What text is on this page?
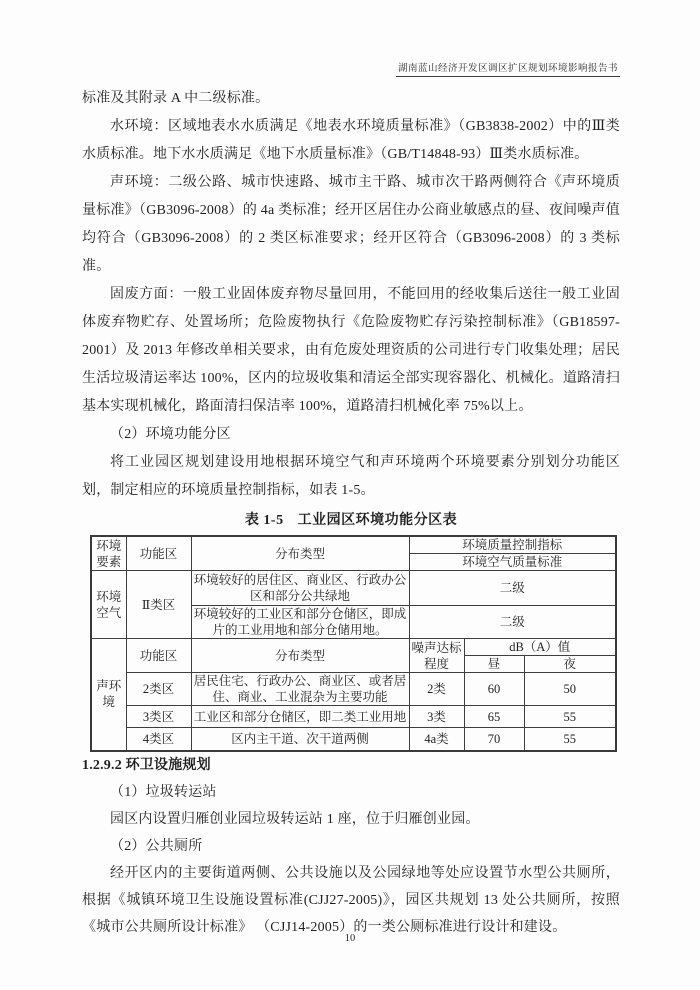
湖南蓝山经济开发区调区扩区规划环境影响报告书

标准及其附录 A 中二级标准。

水环境：区域地表水水质满足《地表水环境质量标准》（GB3838-2002）中的Ⅲ类水质标准。地下水水质满足《地下水质量标准》（GB/T14848-93）Ⅲ类水质标准。

声环境：二级公路、城市快速路、城市主干路、城市次干路两侧符合《声环境质量标准》（GB3096-2008）的 4a 类标准；经开区居住办公商业敏感点的昼、夜间噪声值均符合（GB3096-2008）的 2 类区标准要求；经开区符合（GB3096-2008）的 3 类标准。

固废方面：一般工业固体废弃物尽量回用，不能回用的经收集后送往一般工业固体废弃物贮存、处置场所；危险废物执行《危险废物贮存污染控制标准》（GB18597-2001）及 2013 年修改单相关要求，由有危废处理资质的公司进行专门收集处理；居民生活垃圾清运率达 100%，区内的垃圾收集和清运全部实现容器化、机械化。道路清扫基本实现机械化，路面清扫保洁率 100%，道路清扫机械化率 75%以上。

（2）环境功能分区

将工业园区规划建设用地根据环境空气和声环境两个环境要素分别划分功能区划，制定相应的环境质量控制指标，如表 1-5。

表 1-5 工业园区环境功能分区表
环境要素	功能区	分布类型	环境质量控制指标		
			环境空气质量标准		
环境空气	Ⅱ类区	环境较好的居住区、商业区、行政办公区和部分公共绿地	二级		
		环境较好的工业区和部分仓储区，即成片的工业用地和部分仓储用地。	二级		
声环境	功能区	分布类型	噪声达标程度	dB（A）值	
				昼	夜
	2类区	居民住宅、行政办公、商业区、或者居住、商业、工业混杂为主要功能	2类	60	50
	3类区	工业区和部分仓储区，即二类工业用地	3类	65	55
	4类区	区内主干道、次干道两侧	4a类	70	55

1.2.9.2 环卫设施规划

（1）垃圾转运站

园区内设置归雁创业园垃圾转运站 1 座，位于归雁创业园。

（2）公共厕所

经开区内的主要街道两侧、公共设施以及公园绿地等处应设置节水型公共厕所，根据《城镇环境卫生设施设置标准(CJJ27-2005)》，园区共规划 13 处公共厕所，按照《城市公共厕所设计标准》 （CJJ14-2005）的一类公厕标准进行设计和建设。

10
